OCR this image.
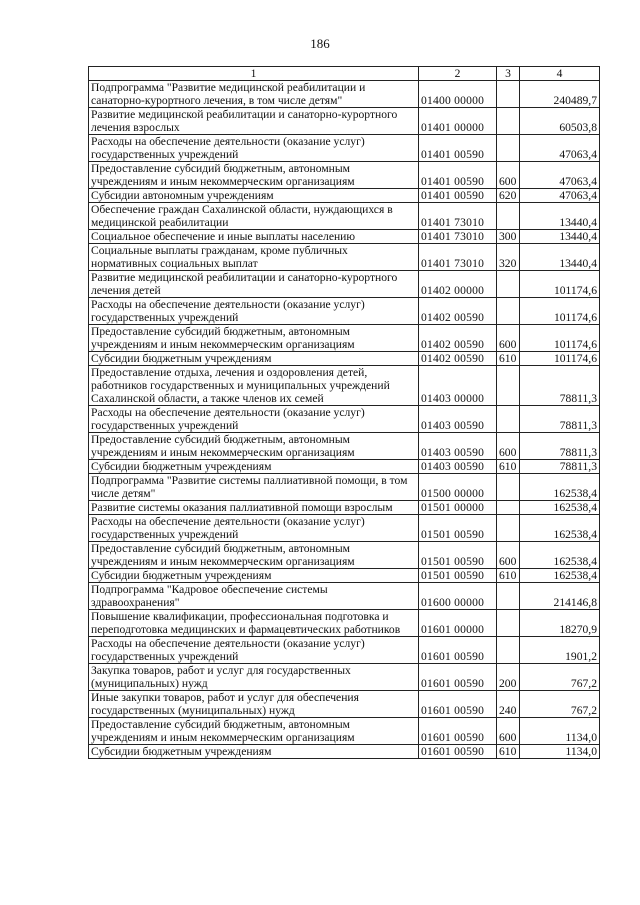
186
1	2	3	4
Подпрограмма "Развитие медицинской реабилитации и санаторно-курортного лечения, в том числе детям"	01400 00000		240489,7
Развитие медицинской реабилитации и санаторно-курортного лечения взрослых	01401 00000		60503,8
Расходы на обеспечение деятельности (оказание услуг) государственных учреждений	01401 00590		47063,4
Предоставление субсидий бюджетным, автономным учреждениям и иным некоммерческим организациям	01401 00590	600	47063,4
Субсидии автономным учреждениям	01401 00590	620	47063,4
Обеспечение граждан Сахалинской области, нуждающихся в медицинской реабилитации	01401 73010		13440,4
Социальное обеспечение и иные выплаты населению	01401 73010	300	13440,4
Социальные выплаты гражданам, кроме публичных нормативных социальных выплат	01401 73010	320	13440,4
Развитие медицинской реабилитации и санаторно-курортного лечения детей	01402 00000		101174,6
Расходы на обеспечение деятельности (оказание услуг) государственных учреждений	01402 00590		101174,6
Предоставление субсидий бюджетным, автономным учреждениям и иным некоммерческим организациям	01402 00590	600	101174,6
Субсидии бюджетным учреждениям	01402 00590	610	101174,6
Предоставление отдыха, лечения и оздоровления детей, работников государственных и муниципальных учреждений Сахалинской области, а также членов их семей	01403 00000		78811,3
Расходы на обеспечение деятельности (оказание услуг) государственных учреждений	01403 00590		78811,3
Предоставление субсидий бюджетным, автономным учреждениям и иным некоммерческим организациям	01403 00590	600	78811,3
Субсидии бюджетным учреждениям	01403 00590	610	78811,3
Подпрограмма "Развитие системы паллиативной помощи, в том числе детям"	01500 00000		162538,4
Развитие системы оказания паллиативной помощи взрослым	01501 00000		162538,4
Расходы на обеспечение деятельности (оказание услуг) государственных учреждений	01501 00590		162538,4
Предоставление субсидий бюджетным, автономным учреждениям и иным некоммерческим организациям	01501 00590	600	162538,4
Субсидии бюджетным учреждениям	01501 00590	610	162538,4
Подпрограмма "Кадровое обеспечение системы здравоохранения"	01600 00000		214146,8
Повышение квалификации, профессиональная подготовка и переподготовка медицинских и фармацевтических работников	01601 00000		18270,9
Расходы на обеспечение деятельности (оказание услуг) государственных учреждений	01601 00590		1901,2
Закупка товаров, работ и услуг для государственных (муниципальных) нужд	01601 00590	200	767,2
Иные закупки товаров, работ и услуг для обеспечения государственных (муниципальных) нужд	01601 00590	240	767,2
Предоставление субсидий бюджетным, автономным учреждениям и иным некоммерческим организациям	01601 00590	600	1134,0
Субсидии бюджетным учреждениям	01601 00590	610	1134,0
